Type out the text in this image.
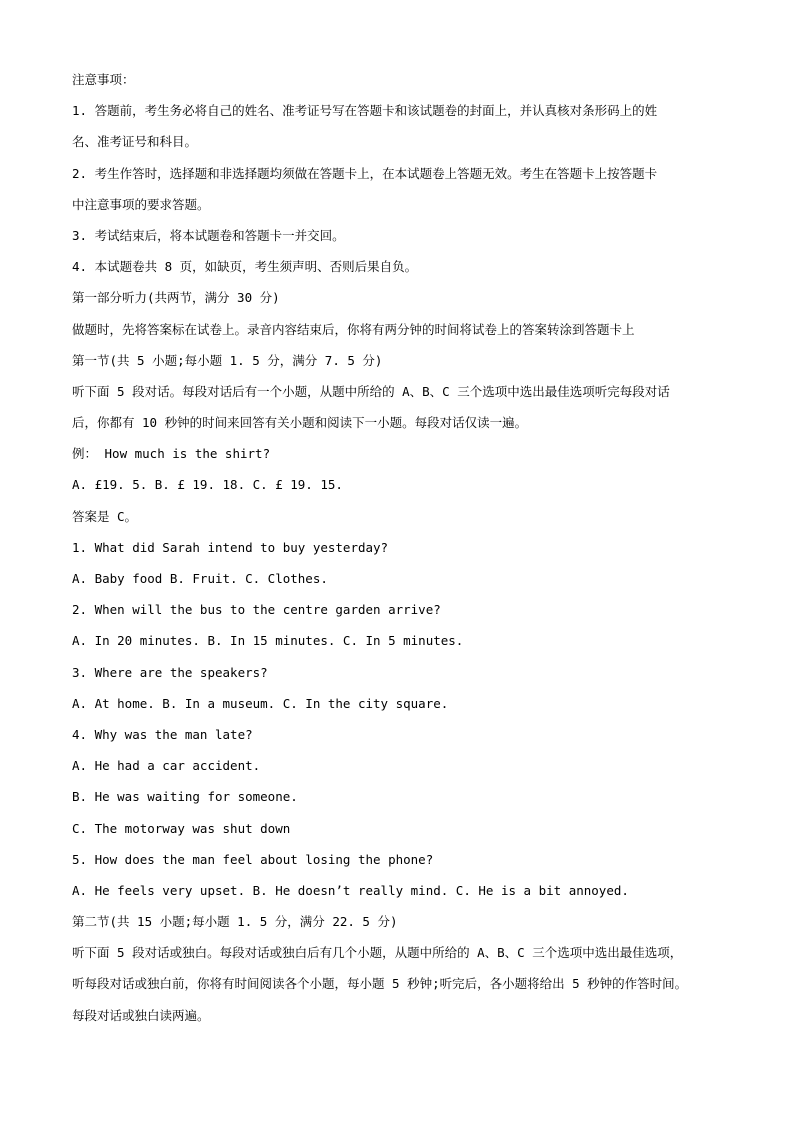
注意事项：
1. 答题前，考生务必将自己的姓名、准考证号写在答题卡和该试题卷的封面上，并认真核对条形码上的姓
名、准考证号和科目。
2. 考生作答时，选择题和非选择题均须做在答题卡上，在本试题卷上答题无效。考生在答题卡上按答题卡
中注意事项的要求答题。
3. 考试结束后，将本试题卷和答题卡一并交回。
4. 本试题卷共 8 页，如缺页，考生须声明、否则后果自负。
第一部分听力(共两节，满分 30 分)
做题时，先将答案标在试卷上。录音内容结束后，你将有两分钟的时间将试卷上的答案转涂到答题卡上
第一节(共 5 小题;每小题 1. 5 分，满分 7. 5 分)
听下面 5 段对话。每段对话后有一个小题，从题中所给的 A、B、C 三个选项中选出最佳选项听完每段对话
后，你都有 10 秒钟的时间来回答有关小题和阅读下一小题。每段对话仅读一遍。
例： How much is the shirt?
A. £19. 5. B. £ 19. 18. C. £ 19. 15.
答案是 C。
1. What did Sarah intend to buy yesterday?
A. Baby food B. Fruit. C. Clothes.
2. When will the bus to the centre garden arrive?
A. In 20 minutes. B. In 15 minutes. C. In 5 minutes.
3. Where are the speakers?
A. At home. B. In a museum. C. In the city square.
4. Why was the man late?
A. He had a car accident.
B. He was waiting for someone.
C. The motorway was shut down
5. How does the man feel about losing the phone?
A. He feels very upset. B. He doesn’t really mind. C. He is a bit annoyed.
第二节(共 15 小题;每小题 1. 5 分，满分 22. 5 分)
听下面 5 段对话或独白。每段对话或独白后有几个小题，从题中所给的 A、B、C 三个选项中选出最佳选项，
听每段对话或独白前，你将有时间阅读各个小题，每小题 5 秒钟;听完后，各小题将给出 5 秒钟的作答时间。
每段对话或独白读两遍。
